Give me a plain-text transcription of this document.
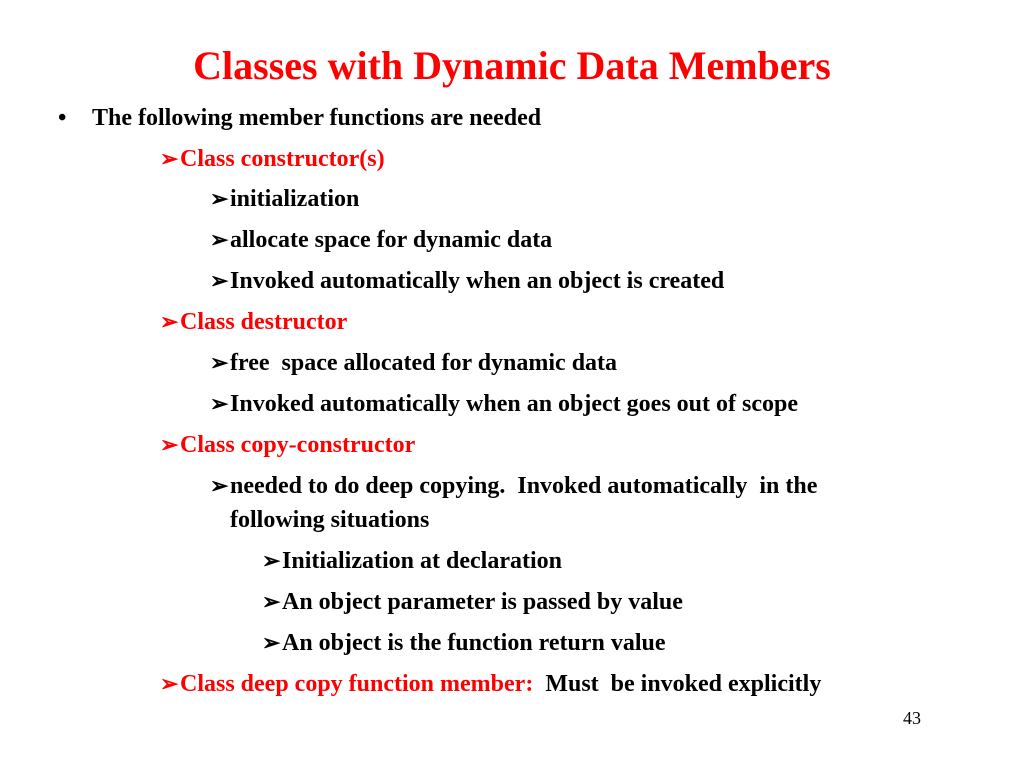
Classes with Dynamic Data Members
• The following member functions are needed
➢Class constructor(s)
➢initialization
➢allocate space for dynamic data
➢Invoked automatically when an object is created
➢Class destructor
➢free  space allocated for dynamic data
➢Invoked automatically when an object goes out of scope
➢Class copy-constructor
➢needed to do deep copying.  Invoked automatically  in the
following situations
➢Initialization at declaration
➢An object parameter is passed by value
➢An object is the function return value
➢Class deep copy function member:  Must  be invoked explicitly
43
